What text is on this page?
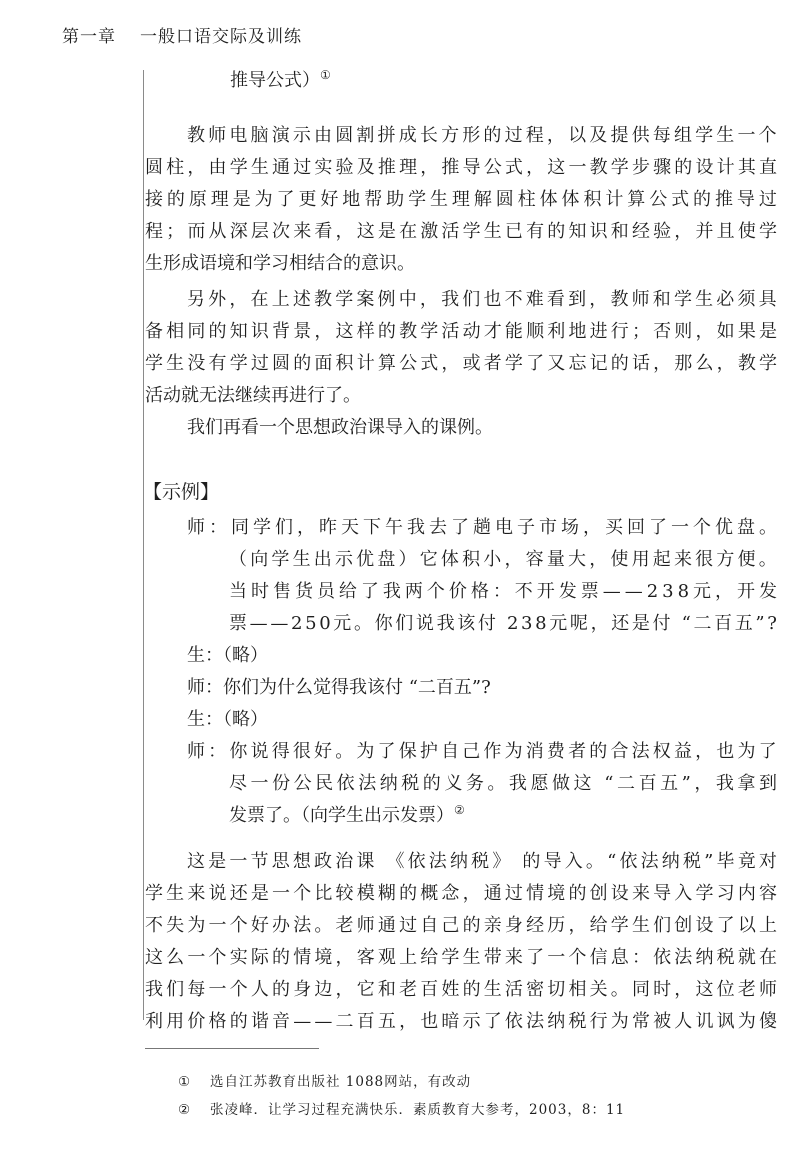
第一章 一般口语交际及训练
推导公式）①
教 师 电 脑 演 示 由 圆 割 拼 成 长 方 形 的 过 程 ， 以 及 提 供 每 组 学 生 一 个
圆 柱 ， 由 学 生 通 过 实 验 及 推 理 ， 推 导 公 式 ， 这 一 教 学 步 骤 的 设 计 其 直
接 的 原 理 是 为 了 更 好 地 帮 助 学 生 理 解 圆 柱 体 体 积 计 算 公 式 的 推 导 过
程 ； 而 从 深 层 次 来 看 ， 这 是 在 激 活 学 生 已 有 的 知 识 和 经 验 ， 并 且 使 学
生形成语境和学习相结合的意识。
另 外 ， 在 上 述 教 学 案 例 中 ， 我 们 也 不 难 看 到 ， 教 师 和 学 生 必 须 具
备 相 同 的 知 识 背 景 ， 这 样 的 教 学 活 动 才 能 顺 利 地 进 行 ； 否 则 ， 如 果 是
学 生 没 有 学 过 圆 的 面 积 计 算 公 式 ， 或 者 学 了 又 忘 记 的 话 ， 那 么 ， 教 学
活动就无法继续再进行了。
我们再看一个思想政治课导入的课例。
【示例】
师 ： 同 学 们 ， 昨 天 下 午 我 去 了 趟 电 子 市 场 ， 买 回 了 一 个 优 盘 。
（ 向 学 生 出 示 优 盘 ） 它 体 积 小 ， 容 量 大 ， 使 用 起 来 很 方 便 。
当 时 售 货 员 给 了 我 两 个 价 格 ： 不 开 发 票 — — 2 3 8 元 ， 开 发
票 — — 2 5 0 元 。 你 们 说 我 该 付
2 3 8 元 呢 ， 还 是 付
“ 二 百 五 ” ?
生：（略）
师：你们为什么觉得我该付 “二百五”?
生：（略）
师 ： 你 说 得 很 好 。 为 了 保 护 自 己 作 为 消 费 者 的 合 法 权 益 ， 也 为 了
尽 一 份 公 民 依 法 纳 税 的 义 务 。 我 愿 做 这
“ 二 百 五 ” ， 我 拿 到
发票了。（向学生出示发票）②
这 是 一 节 思 想 政 治 课
《 依 法 纳 税 》
的 导 入 。 “ 依 法 纳 税 ” 毕 竟 对
学 生 来 说 还 是 一 个 比 较 模 糊 的 概 念 ， 通 过 情 境 的 创 设 来 导 入 学 习 内 容
不 失 为 一 个 好 办 法 。 老 师 通 过 自 己 的 亲 身 经 历 ， 给 学 生 们 创 设 了 以 上
这 么 一 个 实 际 的 情 境 ， 客 观 上 给 学 生 带 来 了 一 个 信 息 ： 依 法 纳 税 就 在
我 们 每 一 个 人 的 身 边 ， 它 和 老 百 姓 的 生 活 密 切 相 关 。 同 时 ， 这 位 老 师
利 用 价 格 的 谐 音 — — 二 百 五 ， 也 暗 示 了 依 法 纳 税 行 为 常 被 人 讥 讽 为 傻
① 选自江苏教育出版社 1088网站，有改动
② 张凌峰．让学习过程充满快乐．素质教育大参考，2003，8：11
